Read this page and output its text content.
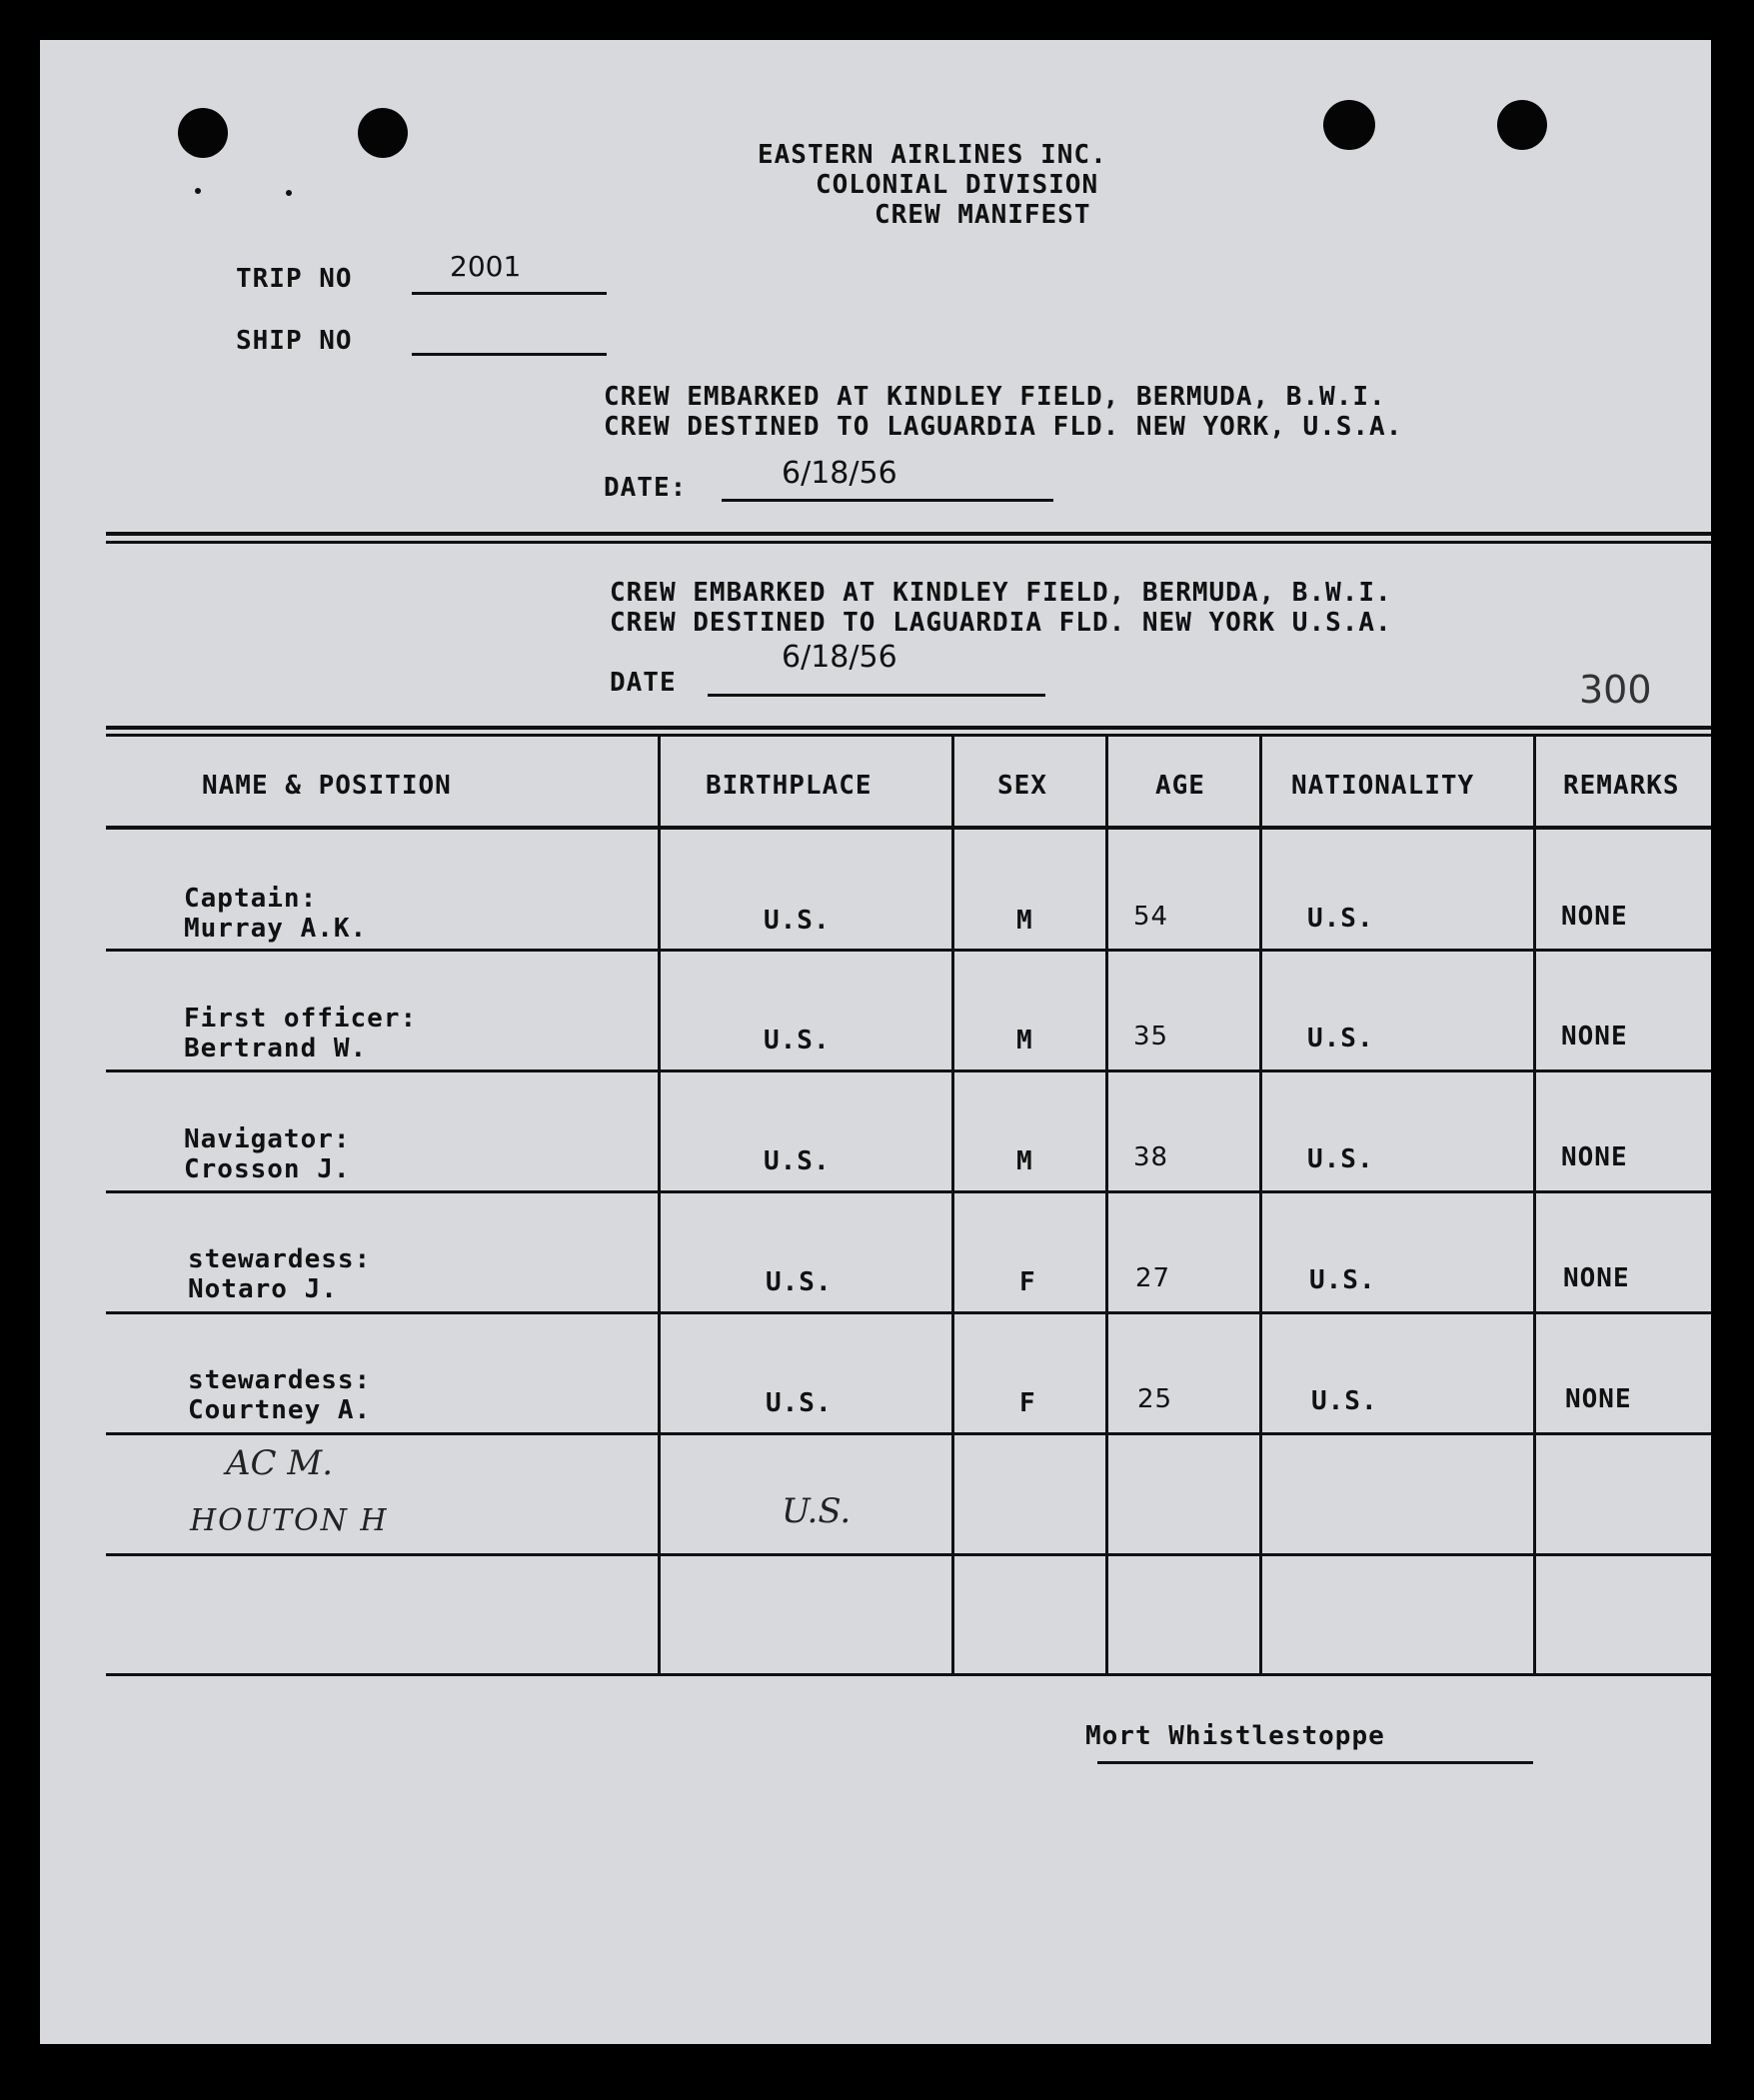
EASTERN AIRLINES INC.
COLONIAL DIVISION
CREW MANIFEST
TRIP NO	2001
SHIP NO
CREW EMBARKED AT KINDLEY FIELD, BERMUDA, B.W.I.
CREW DESTINED TO LAGUARDIA FLD. NEW YORK, U.S.A.
DATE:	6/18/56
CREW EMBARKED AT KINDLEY FIELD, BERMUDA, B.W.I.
CREW DESTINED TO LAGUARDIA FLD. NEW YORK U.S.A.
DATE
6/18/56
300
NAME & POSITION	BIRTHPLACE	SEX	AGE	NATIONALITY	REMARKS
Captain:
Murray A.K.	U.S.	M	54	U.S.	NONE
First officer:
Bertrand W.	U.S.	M	35	U.S.	NONE
Navigator:
Crosson J.	U.S.	M	38	U.S.	NONE
stewardess:
Notaro J.	U.S.	F	27	U.S.	NONE
stewardess:
Courtney A.	U.S.	F	25	U.S.	NONE
AC M.
HOUTON H	U.S.
Mort Whistlestoppe
